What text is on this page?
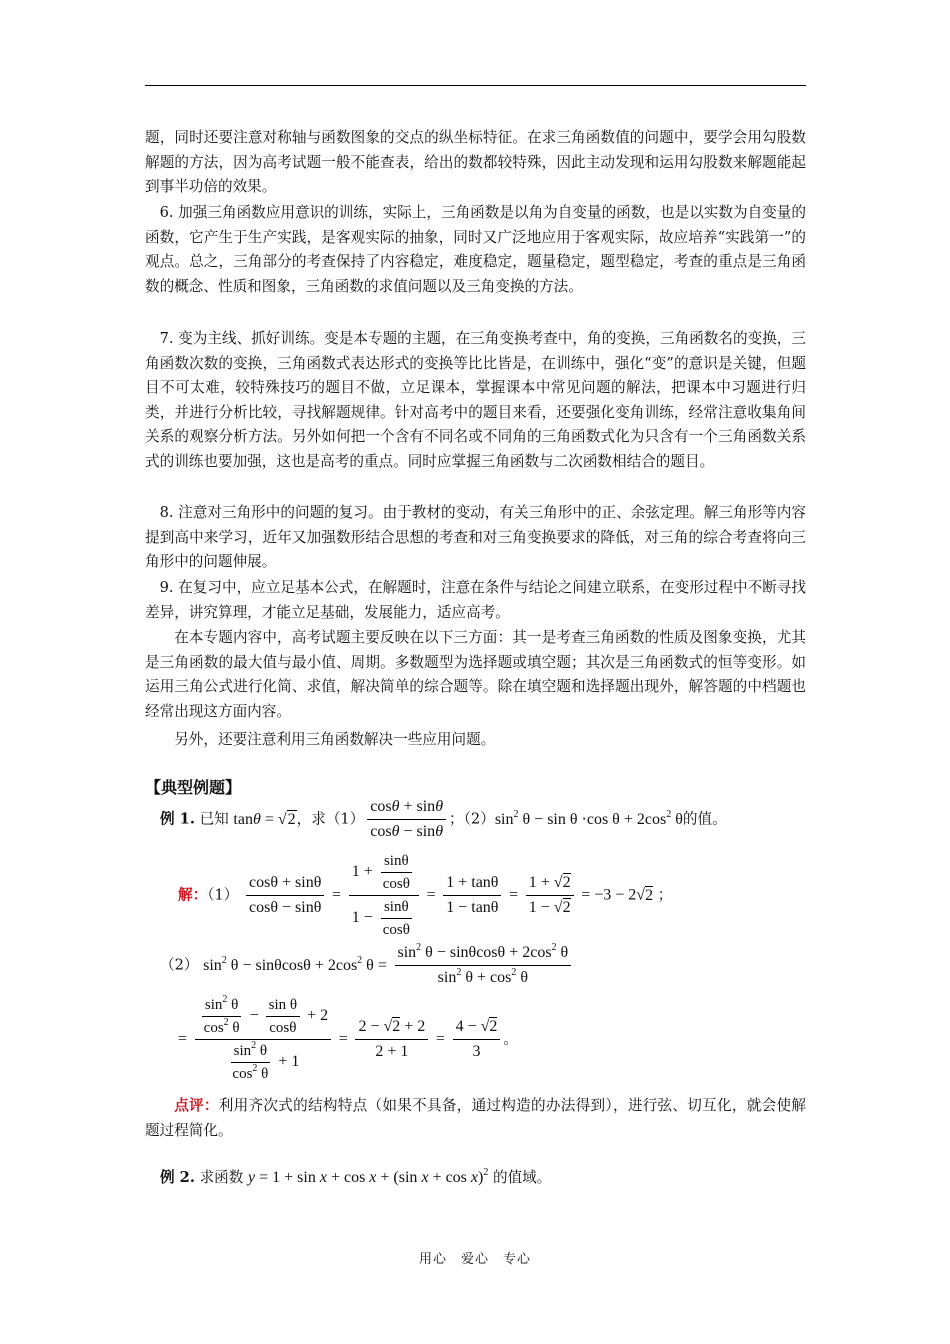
题，同时还要注意对称轴与函数图象的交点的纵坐标特征。在求三角函数值的问题中，要学会用勾股数解题的方法，因为高考试题一般不能查表，给出的数都较特殊，因此主动发现和运用勾股数来解题能起到事半功倍的效果。

6. 加强三角函数应用意识的训练，实际上，三角函数是以角为自变量的函数，也是以实数为自变量的函数，它产生于生产实践，是客观实际的抽象，同时又广泛地应用于客观实际，故应培养“实践第一”的观点。总之，三角部分的考查保持了内容稳定，难度稳定，题量稳定，题型稳定，考查的重点是三角函数的概念、性质和图象，三角函数的求值问题以及三角变换的方法。

7. 变为主线、抓好训练。变是本专题的主题，在三角变换考查中，角的变换，三角函数名的变换，三角函数次数的变换，三角函数式表达形式的变换等比比皆是，在训练中，强化“变”的意识是关键，但题目不可太难，较特殊技巧的题目不做，立足课本，掌握课本中常见问题的解法，把课本中习题进行归类，并进行分析比较，寻找解题规律。针对高考中的题目来看，还要强化变角训练，经常注意收集角间关系的观察分析方法。另外如何把一个含有不同名或不同角的三角函数式化为只含有一个三角函数关系式的训练也要加强，这也是高考的重点。同时应掌握三角函数与二次函数相结合的题目。

8. 注意对三角形中的问题的复习。由于教材的变动，有关三角形中的正、余弦定理。解三角形等内容提到高中来学习，近年又加强数形结合思想的考查和对三角变换要求的降低，对三角的综合考查将向三角形中的问题伸展。

9. 在复习中，应立足基本公式，在解题时，注意在条件与结论之间建立联系，在变形过程中不断寻找差异，讲究算理，才能立足基础，发展能力，适应高考。

在本专题内容中，高考试题主要反映在以下三方面：其一是考查三角函数的性质及图象变换，尤其是三角函数的最大值与最小值、周期。多数题型为选择题或填空题；其次是三角函数式的恒等变形。如运用三角公式进行化简、求值，解决简单的综合题等。除在填空题和选择题出现外，解答题的中档题也经常出现这方面内容。

另外，还要注意利用三角函数解决一些应用问题。

【典型例题】
例 1. 已知 tanθ = √2，求$(1) \frac{\cos\theta + \sin\theta}{\cos\theta - \sin\theta}$ ；$(2)\sin^2$ θ − sin θ ·cos $\theta + 2\cos^2$ θ的值。
解：$(1) \frac{\cos\theta + \sin\theta}{\cos\theta - \sin\theta} = \frac{1 + \frac{\sin\theta}{\cos\theta}}{1 - \frac{\sin\theta}{\cos\theta}} = \frac{1 + \tan\theta}{1 - \tan\theta} = \frac{1 + √2}{1 - √2} = -3 - 2√2$ ；
（2） $\sin^2 \theta - \sin\theta\cos\theta + 2\cos^2$ $\theta = \frac{\sin^2 \theta - \sin\theta\cos\theta + 2\cos^2 \theta}{\sin^2 \theta + \cos^2 \theta}$
= $\frac{\frac{\sin^2 \theta}{\cos^2 \theta} - \frac{\text{sin θ}}{\cos\theta} + 2}{\frac{\sin^2 \theta}{\cos^2 \theta} + 1} = \frac{2 - √2 + 2}{2 + 1} = \frac{4 - √2}{3}$ 。

点评：利用齐次式的结构特点（如果不具备，通过构造的办法得到），进行弦、切互化，就会使解题过程简化。

例 2. 求函数 y = 1 + sin x + cos x + (sin x + cos x)$^2$ 的值域。
用心　爱心　专心
